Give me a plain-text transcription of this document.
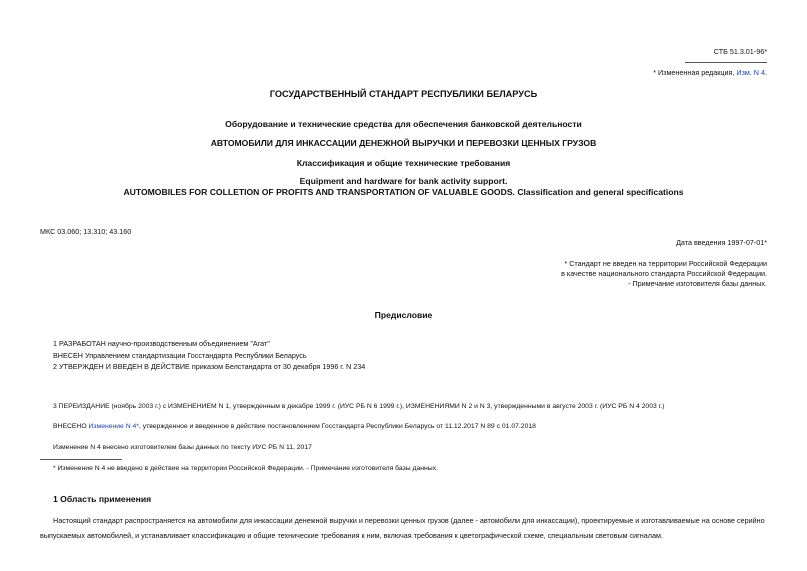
СТБ 51.3.01-96*
* Измененная редакция, Изм. N 4.
ГОСУДАРСТВЕННЫЙ СТАНДАРТ РЕСПУБЛИКИ БЕЛАРУСЬ
Оборудование и технические средства для обеспечения банковской деятельности
АВТОМОБИЛИ ДЛЯ ИНКАССАЦИИ ДЕНЕЖНОЙ ВЫРУЧКИ И ПЕРЕВОЗКИ ЦЕННЫХ ГРУЗОВ
Классификация и общие технические требования
Equipment and hardware for bank activity support.
AUTOMOBILES FOR COLLETION OF PROFITS AND TRANSPORTATION OF VALUABLE GOODS. Classification and general specifications
МКС 03.060; 13.310; 43.160
Дата введения 1997-07-01*
* Стандарт не введен на территории Российской Федерации
в качестве национального стандарта Российской Федерации.
- Примечание изготовителя базы данных.
Предисловие
1 РАЗРАБОТАН научно-производственным объединением "Агат"
ВНЕСЕН Управлением стандартизации Госстандарта Республики Беларусь
2 УТВЕРЖДЕН И ВВЕДЕН В ДЕЙСТВИЕ приказом Белстандарта от 30 декабря 1996 г. N 234
3 ПЕРЕИЗДАНИЕ (ноябрь 2003 г.) с ИЗМЕНЕНИЕМ N 1, утвержденным в декабре 1999 г. (ИУС РБ N 6 1999 г.), ИЗМЕНЕНИЯМИ N 2 и N 3, утвержденными в августе 2003 г. (ИУС РБ N 4 2003 г.)
ВНЕСЕНО Изменение N 4*, утвержденное и введенное в действие постановлением Госстандарта Республики Беларусь от 11.12.2017 N 89 с 01.07.2018
Изменение N 4 внесено изготовителем базы данных по тексту ИУС РБ N 11, 2017
* Изменение N 4 не введено в действие на территории Российской Федерации. - Примечание изготовителя базы данных.
1 Область применения
Настоящий стандарт распространяется на автомобили для инкассации денежной выручки и перевозки ценных грузов (далее - автомобили для инкассации), проектируемые и изготавливаемые на основе серийно выпускаемых автомобилей, и устанавливает классификацию и общие технические требования к ним, включая требования к цветографической схеме, специальным световым сигналам.
